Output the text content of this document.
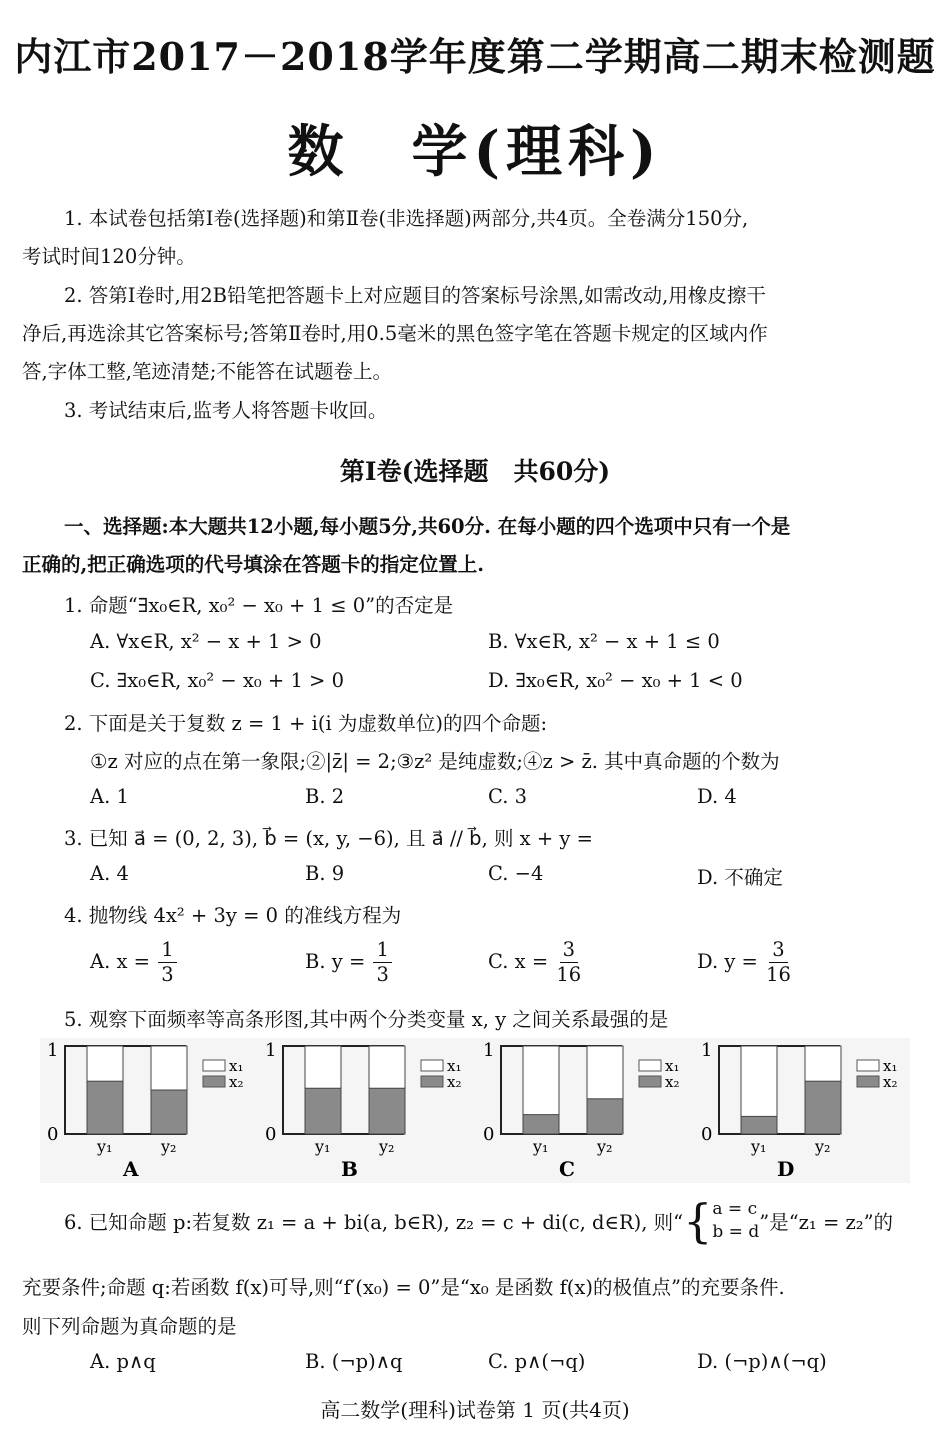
内江市2017－2018学年度第二学期高二期末检测题
数　学(理科)
1. 本试卷包括第Ⅰ卷(选择题)和第Ⅱ卷(非选择题)两部分,共4页。全卷满分150分,
考试时间120分钟。
2. 答第Ⅰ卷时,用2B铅笔把答题卡上对应题目的答案标号涂黑,如需改动,用橡皮擦干
净后,再选涂其它答案标号;答第Ⅱ卷时,用0.5毫米的黑色签字笔在答题卡规定的区域内作
答,字体工整,笔迹清楚;不能答在试题卷上。
3. 考试结束后,监考人将答题卡收回。
第Ⅰ卷(选择题　共60分)
一、选择题:本大题共12小题,每小题5分,共60分. 在每小题的四个选项中只有一个是
正确的,把正确选项的代号填涂在答题卡的指定位置上.
1. 命题“∃x₀∈R, x₀² − x₀ + 1 ≤ 0”的否定是
A. ∀x∈R, x² − x + 1 > 0	B. ∀x∈R, x² − x + 1 ≤ 0
C. ∃x₀∈R, x₀² − x₀ + 1 > 0	D. ∃x₀∈R, x₀² − x₀ + 1 < 0
2. 下面是关于复数 z = 1 + i(i 为虚数单位)的四个命题:
①z 对应的点在第一象限;②|z̄| = 2;③z² 是纯虚数;④z > z̄. 其中真命题的个数为
A. 1	B. 2	C. 3	D. 4
3. 已知 a⃗ = (0, 2, 3), b⃗ = (x, y, −6), 且 a⃗ // b⃗, 则 x + y =
A. 4	B. 9	C. −4	D. 不确定
4. 抛物线 4x² + 3y = 0 的准线方程为
A. $x = \frac{1}{3}$	B. $y = \frac{1}{3}$	C. $x = \frac{3}{16}$	D. $y = \frac{3}{16}$
5. 观察下面频率等高条形图,其中两个分类变量 x, y 之间关系最强的是
1
0
y₁	y₂
x₁
x₂
A
1
0
y₁	y₂
x₁
x₂
B
1
0
y₁	y₂
x₁
x₂
C
1
0
y₁	y₂
x₁
x₂
D
6. 已知命题 p:若复数 z₁ = a + bi(a, b∈R), z₂ = c + di(c, d∈R), 则“{ a = c
b = d ”是“z₁ = z₂”的
充要条件;命题 q:若函数 f(x)可导,则“f′(x₀) = 0”是“x₀ 是函数 f(x)的极值点”的充要条件.
则下列命题为真命题的是
A. p∧q	B. (¬p)∧q	C. p∧(¬q)	D. (¬p)∧(¬q)
高二数学(理科)试卷第 1 页(共4页)
